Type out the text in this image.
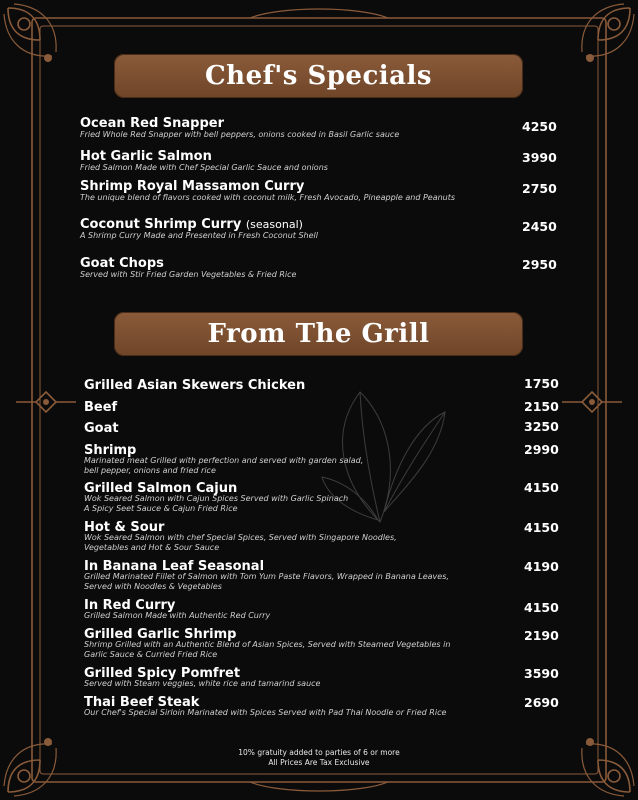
Chef's Specials
Ocean Red Snapper
Fried Whole Red Snapper with bell peppers, onions cooked in Basil Garlic sauce
4250
Hot Garlic Salmon
Fried Salmon Made with Chef Special Garlic Sauce and onions
3990
Shrimp Royal Massamon Curry
The unique blend of flavors cooked with coconut milk, Fresh Avocado, Pineapple and Peanuts
2750
Coconut Shrimp Curry (seasonal)
A Shrimp Curry Made and Presented in Fresh Coconut Shell
2450
Goat Chops
Served with Stir Fried Garden Vegetables & Fried Rice
2950
From The Grill
Grilled Asian Skewers Chicken	1750
Beef	2150
Goat	3250
Shrimp
Marinated meat Grilled with perfection and served with garden salad,
bell pepper, onions and fried rice
2990
Grilled Salmon Cajun
Wok Seared Salmon with Cajun Spices Served with Garlic Spinach
A Spicy Seet Sauce & Cajun Fried Rice
4150
Hot & Sour
Wok Seared Salmon with chef Special Spices, Served with Singapore Noodles,
Vegetables and Hot & Sour Sauce
4150
In Banana Leaf Seasonal
Grilled Marinated Fillet of Salmon with Tom Yum Paste Flavors, Wrapped in Banana Leaves,
Served with Noodles & Vegetables
4190
In Red Curry
Grilled Salmon Made with Authentic Red Curry
4150
Grilled Garlic Shrimp
Shrimp Grilled with an Authentic Blend of Asian Spices, Served with Steamed Vegetables in
Garlic Sauce & Curried Fried Rice
2190
Grilled Spicy Pomfret
Served with Steam veggies, white rice and tamarind sauce
3590
Thai Beef Steak
Our Chef's Special Sirloin Marinated with Spices Served with Pad Thai Noodle or Fried Rice
2690
10% gratuity added to parties of 6 or more
All Prices Are Tax Exclusive
